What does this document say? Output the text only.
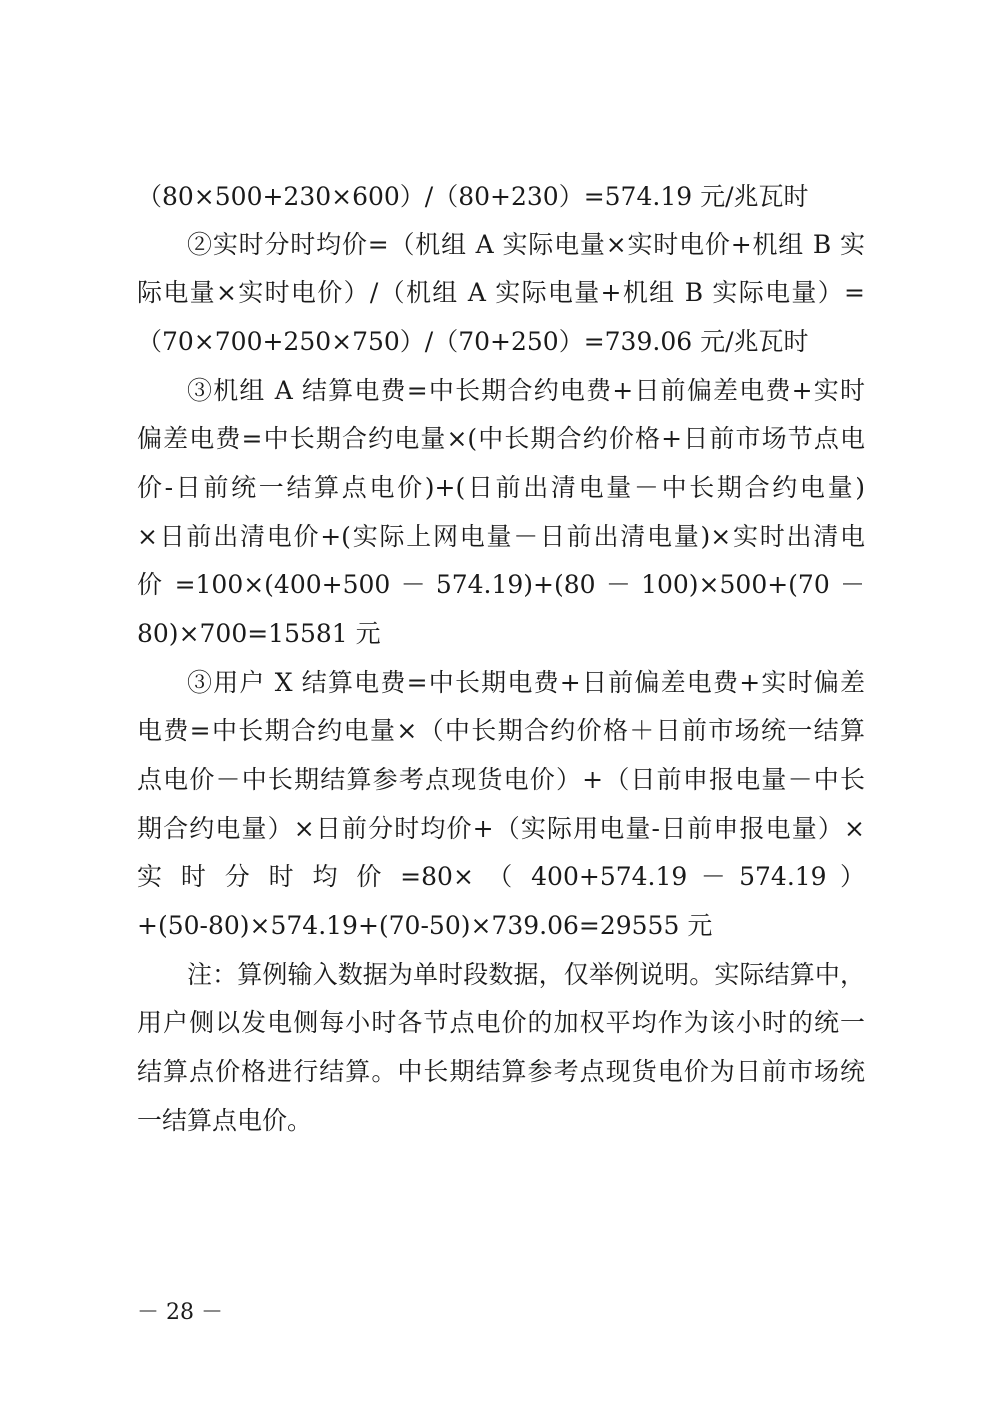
（80×500+230×600）/（80+230）=574.19 元/兆瓦时
②实时分时均价=（机组 A 实际电量×实时电价+机组 B 实
际电量×实时电价）/（机组 A 实际电量+机组 B 实际电量）=
（70×700+250×750）/（70+250）=739.06 元/兆瓦时
③机组 A 结算电费=中长期合约电费+日前偏差电费+实时
偏差电费=中长期合约电量×(中长期合约价格+日前市场节点电
价-日前统一结算点电价)+(日前出清电量－中长期合约电量)
×日前出清电价+(实际上网电量－日前出清电量)×实时出清电
价 =100×(400+500 － 574.19)+(80 － 100)×500+(70 －
80)×700=15581 元
③用户 X 结算电费=中长期电费+日前偏差电费+实时偏差
电费=中长期合约电量×（中长期合约价格＋日前市场统一结算
点电价－中长期结算参考点现货电价）+（日前申报电量－中长
期合约电量）×日前分时均价+（实际用电量-日前申报电量）×
实 时 分 时 均 价 =80× （ 400+574.19 － 574.19 ）
+(50-80)×574.19+(70-50)×739.06=29555 元
注：算例输入数据为单时段数据，仅举例说明。实际结算中，
用户侧以发电侧每小时各节点电价的加权平均作为该小时的统一
结算点价格进行结算。中长期结算参考点现货电价为日前市场统
一结算点电价。
－ 28 －
